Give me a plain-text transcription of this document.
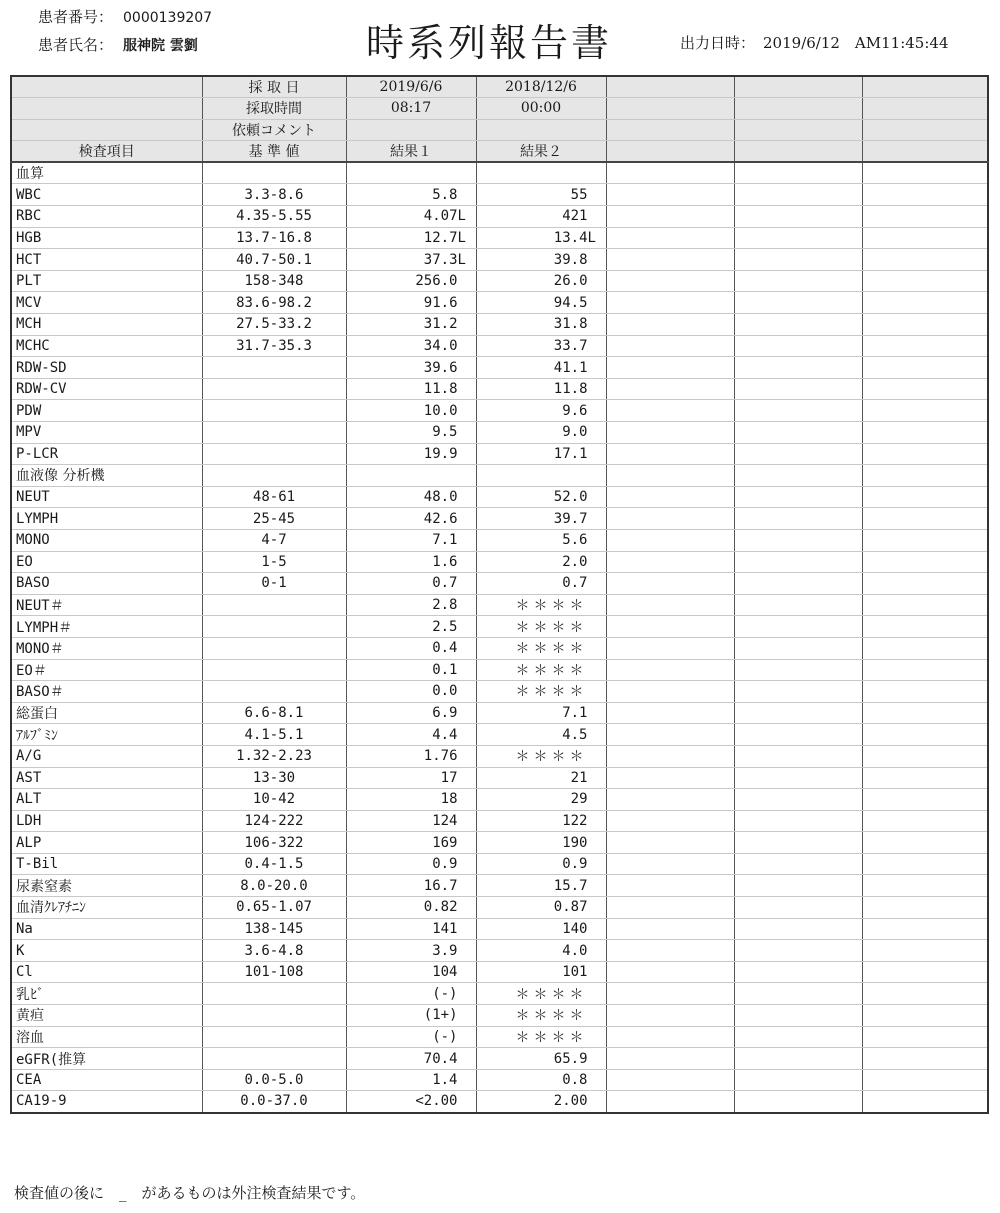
患者番号： 0000139207
患者氏名： 服神院 雲劉	時系列報告書	出力日時： 2019/6/12　AM11:45:44
	採 取 日	2019/6/6	2018/12/6			
	採取時間	08:17	00:00			
	依頼コメント					
検査項目	基 準 値	結果１	結果２			
血算						
WBC	3.3-8.6	5.8	55			
RBC	4.35-5.55	4.07L	421			
HGB	13.7-16.8	12.7L	13.4L			
HCT	40.7-50.1	37.3L	39.8			
PLT	158-348	256.0	26.0			
MCV	83.6-98.2	91.6	94.5			
MCH	27.5-33.2	31.2	31.8			
MCHC	31.7-35.3	34.0	33.7			
RDW-SD		39.6	41.1			
RDW-CV		11.8	11.8			
PDW		10.0	9.6			
MPV		9.5	9.0			
P-LCR		19.9	17.1			
血液像 分析機						
NEUT	48-61	48.0	52.0			
LYMPH	25-45	42.6	39.7			
MONO	4-7	7.1	5.6			
EO	1-5	1.6	2.0			
BASO	0-1	0.7	0.7			
NEUT＃		2.8	＊＊＊＊			
LYMPH＃		2.5	＊＊＊＊			
MONO＃		0.4	＊＊＊＊			
EO＃		0.1	＊＊＊＊			
BASO＃		0.0	＊＊＊＊			
総蛋白	6.6-8.1	6.9	7.1			
ｱﾙﾌﾞﾐﾝ	4.1-5.1	4.4	4.5			
A/G	1.32-2.23	1.76	＊＊＊＊			
AST	13-30	17	21			
ALT	10-42	18	29			
LDH	124-222	124	122			
ALP	106-322	169	190			
T-Bil	0.4-1.5	0.9	0.9			
尿素窒素	8.0-20.0	16.7	15.7			
血清ｸﾚｱﾁﾆﾝ	0.65-1.07	0.82	0.87			
Na	138-145	141	140			
K	3.6-4.8	3.9	4.0			
Cl	101-108	104	101			
乳ﾋﾞ		(-)	＊＊＊＊			
黄疸		(1+)	＊＊＊＊			
溶血		(-)	＊＊＊＊			
eGFR(推算		70.4	65.9			
CEA	0.0-5.0	1.4	0.8			
CA19-9	0.0-37.0	<2.00	2.00			
検査値の後に　_　があるものは外注検査結果です。
